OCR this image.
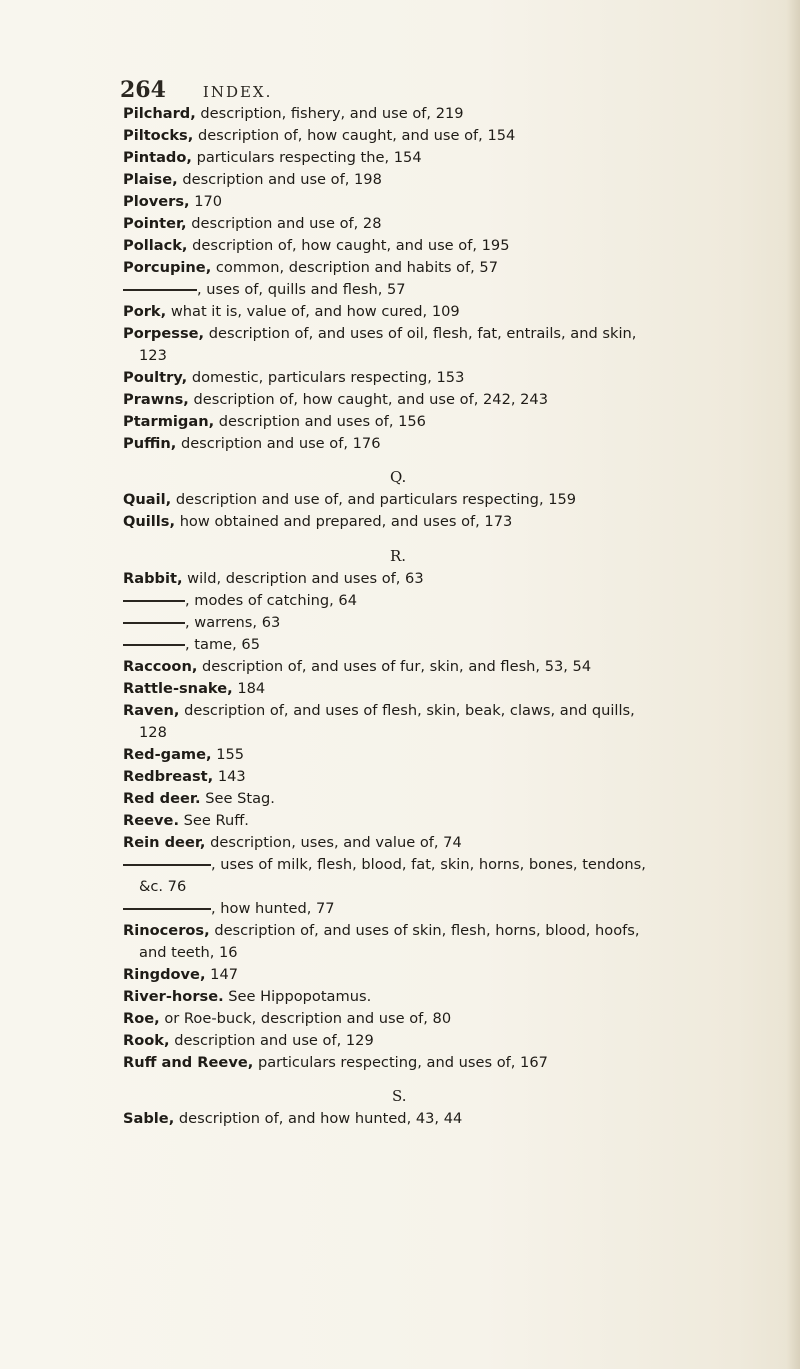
264 INDEX.
Pilchard, description, fishery, and use of, 219
Piltocks, description of, how caught, and use of, 154
Pintado, particulars respecting the, 154
Plaise, description and use of, 198
Plovers, 170
Pointer, description and use of, 28
Pollack, description of, how caught, and use of, 195
Porcupine, common, description and habits of, 57
, uses of, quills and flesh, 57
Pork, what it is, value of, and how cured, 109
Porpesse, description of, and uses of oil, flesh, fat, entrails, and skin,
123
Poultry, domestic, particulars respecting, 153
Prawns, description of, how caught, and use of, 242, 243
Ptarmigan, description and uses of, 156
Puffin, description and use of, 176
Q.
Quail, description and use of, and particulars respecting, 159
Quills, how obtained and prepared, and uses of, 173
R.
Rabbit, wild, description and uses of, 63
, modes of catching, 64
, warrens, 63
, tame, 65
Raccoon, description of, and uses of fur, skin, and flesh, 53, 54
Rattle-snake, 184
Raven, description of, and uses of flesh, skin, beak, claws, and quills,
128
Red-game, 155
Redbreast, 143
Red deer. See Stag.
Reeve. See Ruff.
Rein deer, description, uses, and value of, 74
, uses of milk, flesh, blood, fat, skin, horns, bones, tendons,
&c. 76
, how hunted, 77
Rinoceros, description of, and uses of skin, flesh, horns, blood, hoofs,
and teeth, 16
Ringdove, 147
River-horse. See Hippopotamus.
Roe, or Roe-buck, description and use of, 80
Rook, description and use of, 129
Ruff and Reeve, particulars respecting, and uses of, 167
S.
Sable, description of, and how hunted, 43, 44
